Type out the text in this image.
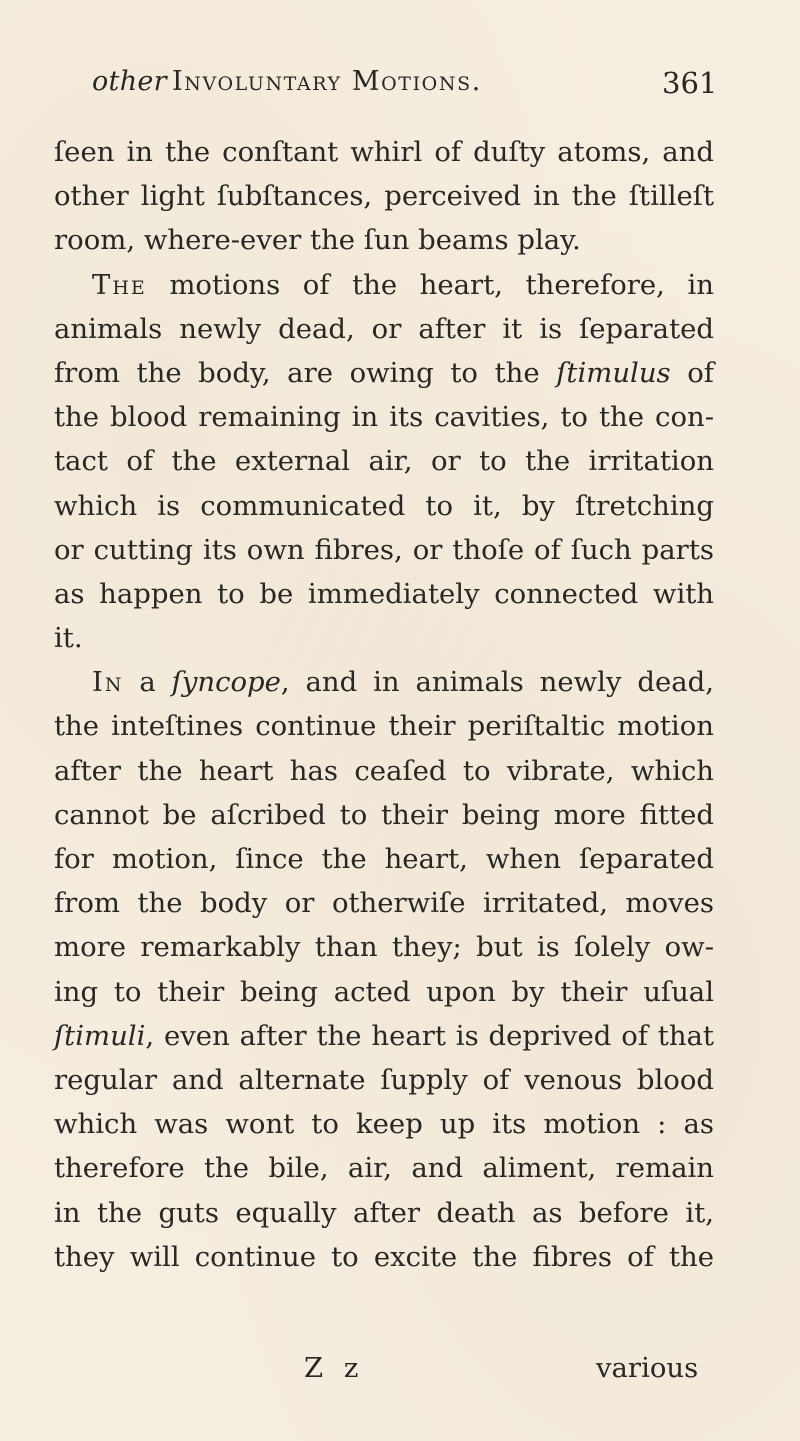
other Involuntary Motions.	361
ſeen in the conſtant whirl of duſty atoms, and
other light ſubſtances, perceived in the ſtilleſt
room, where-ever the ſun beams play.
The motions of the heart, therefore, in
animals newly dead, or after it is ſeparated
from the body, are owing to the ſtimulus of
the blood remaining in its cavities, to the con-
tact of the external air, or to the irritation
which is communicated to it, by ſtretching
or cutting its own fibres, or thoſe of ſuch parts
as happen to be immediately connected with
it.
In a ſyncope, and in animals newly dead,
the inteſtines continue their periſtaltic motion
after the heart has ceaſed to vibrate, which
cannot be aſcribed to their being more fitted
for motion, ſince the heart, when ſeparated
from the body or otherwiſe irritated, moves
more remarkably than they; but is ſolely ow-
ing to their being acted upon by their uſual
ſtimuli, even after the heart is deprived of that
regular and alternate ſupply of venous blood
which was wont to keep up its motion : as
therefore the bile, air, and aliment, remain
in the guts equally after death as before it,
they will continue to excite the fibres of the
Z z	various
